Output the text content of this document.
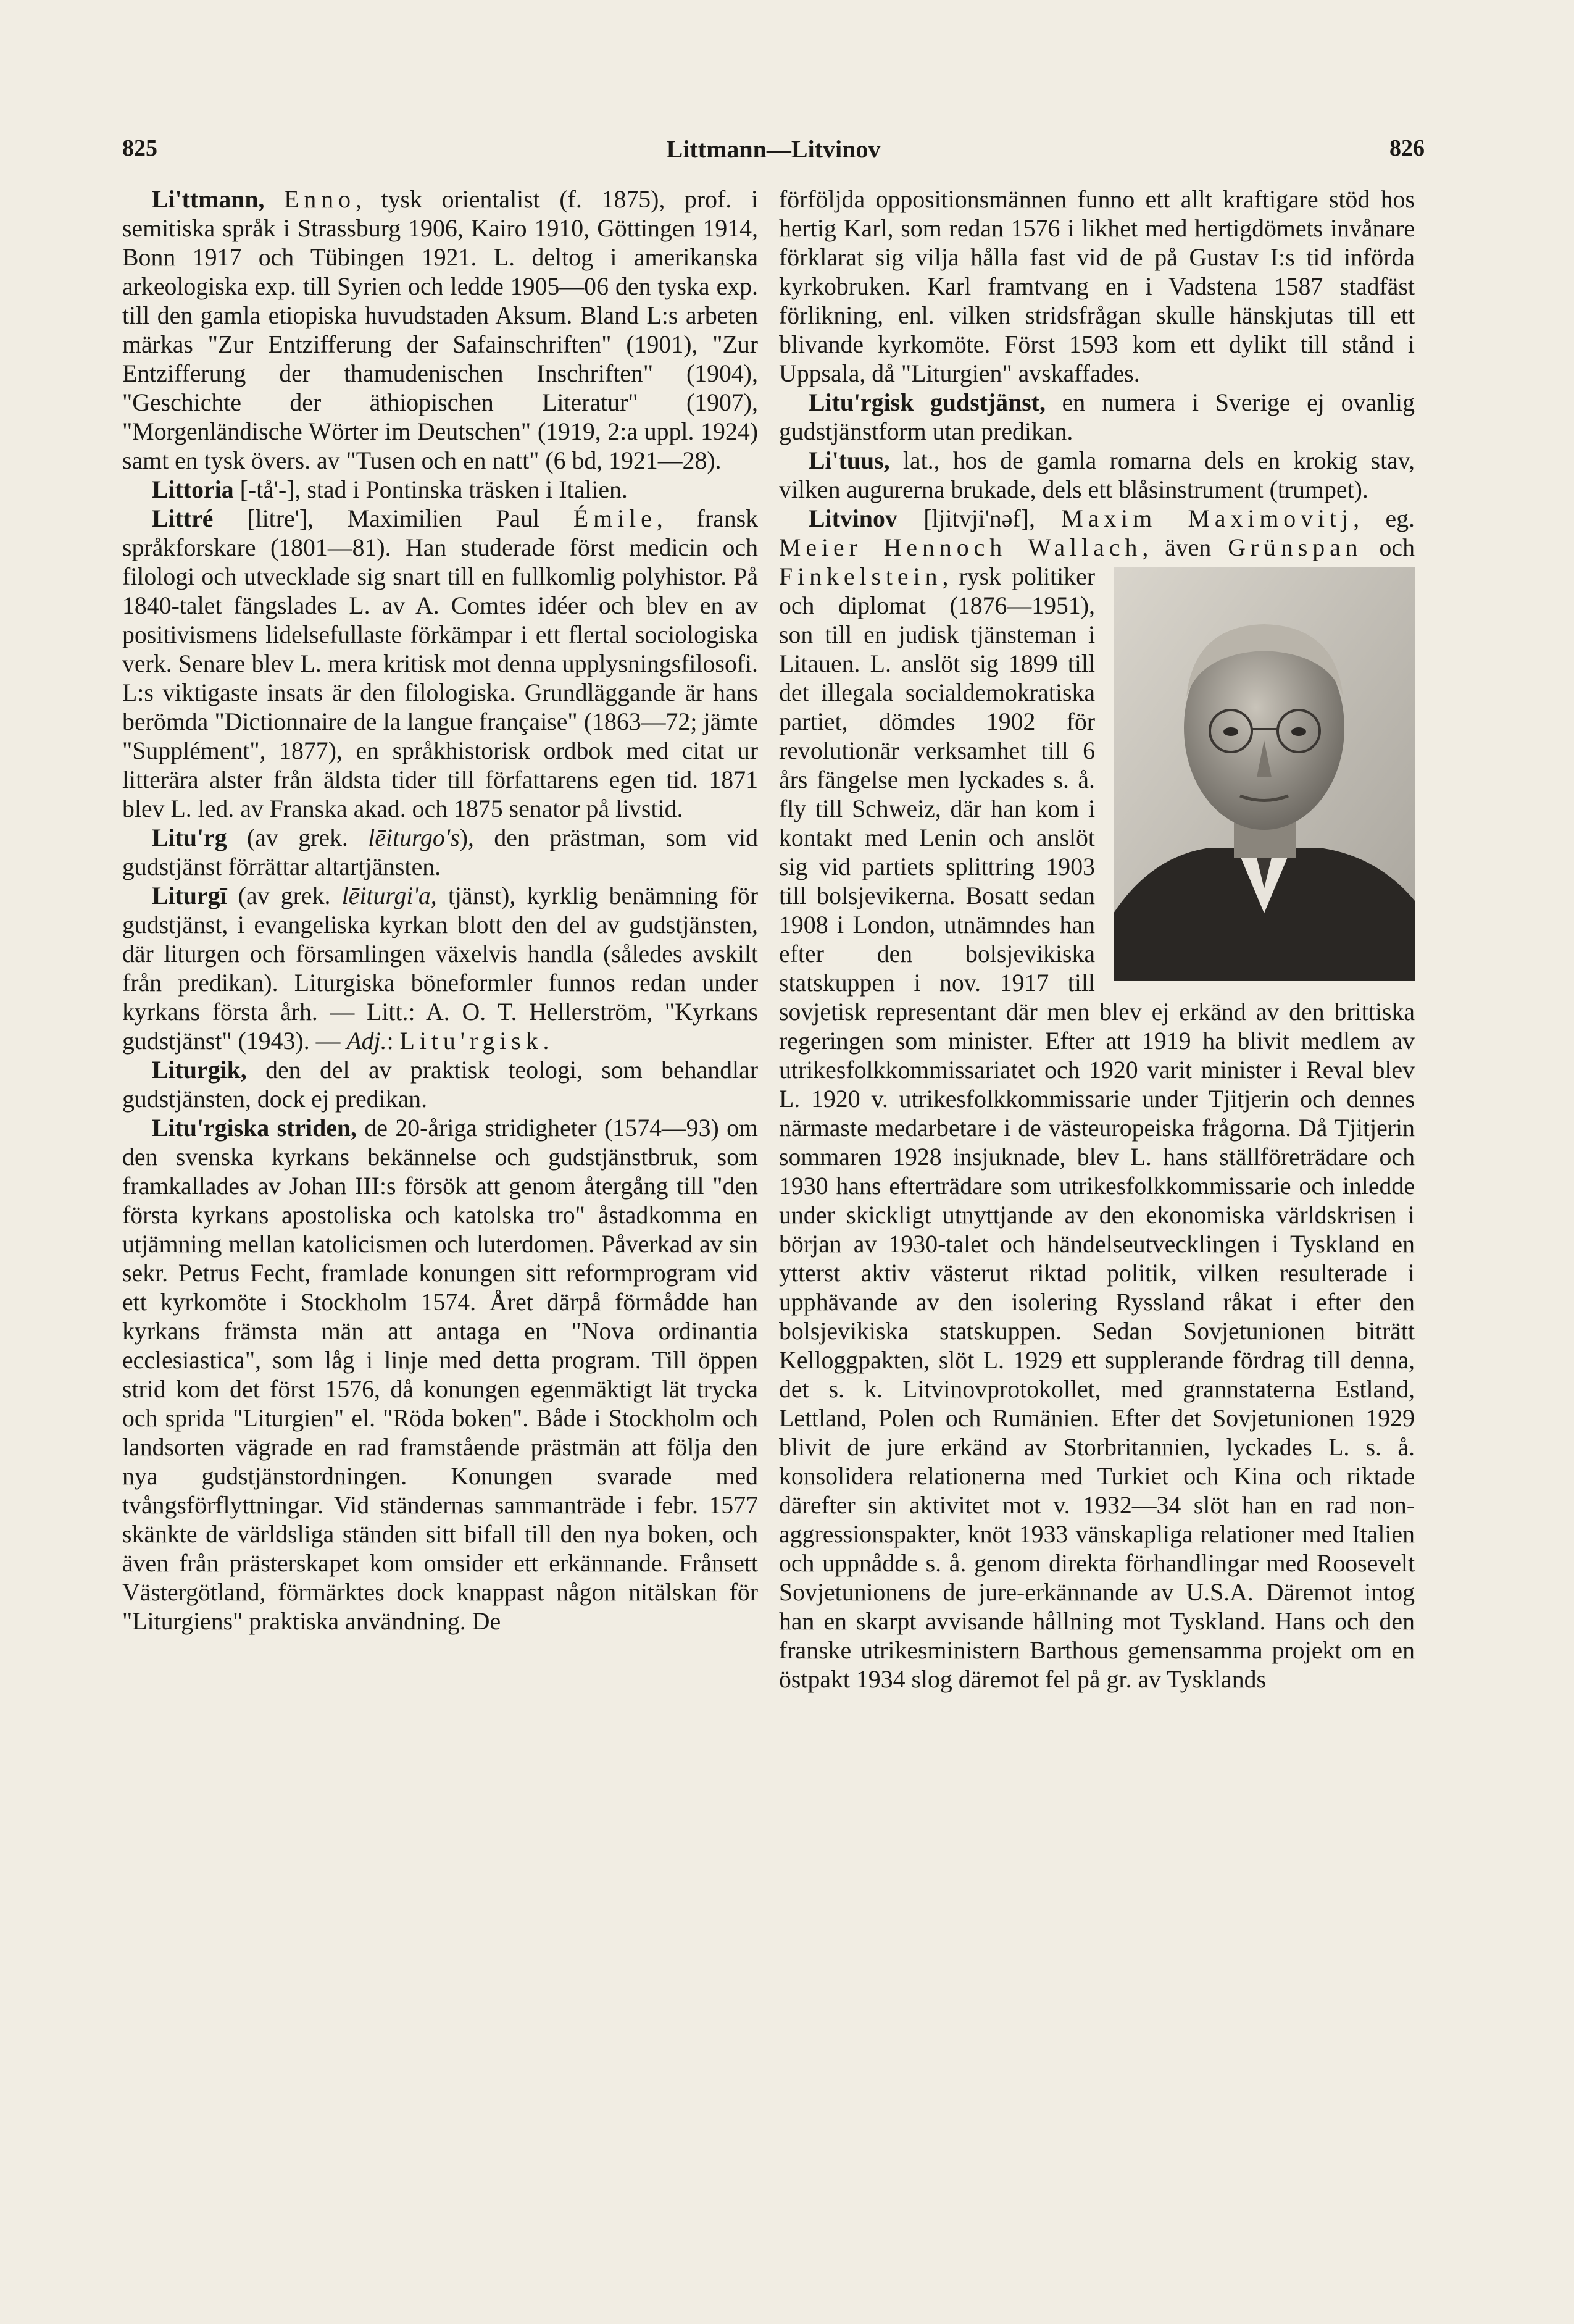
825	Littmann—Litvinov	826

Li'ttmann, Enno, tysk orientalist (f. 1875), prof. i semitiska språk i Strassburg 1906, Kairo 1910, Göttingen 1914, Bonn 1917 och Tübingen 1921. L. deltog i amerikanska arkeologiska exp. till Syrien och ledde 1905—06 den tyska exp. till den gamla etiopiska huvudstaden Aksum. Bland L:s arbeten märkas "Zur Entzifferung der Safainschriften" (1901), "Zur Entzifferung der thamudenischen Inschriften" (1904), "Geschichte der äthiopischen Literatur" (1907), "Morgenländische Wörter im Deutschen" (1919, 2:a uppl. 1924) samt en tysk övers. av "Tusen och en natt" (6 bd, 1921—28).

Littoria [-tå'-], stad i Pontinska träsken i Italien.

Littré [litre'], Maximilien Paul Émile, fransk språkforskare (1801—81). Han studerade först medicin och filologi och utvecklade sig snart till en fullkomlig polyhistor. På 1840-talet fängslades L. av A. Comtes idéer och blev en av positivismens lidelsefullaste förkämpar i ett flertal sociologiska verk. Senare blev L. mera kritisk mot denna upplysningsfilosofi. L:s viktigaste insats är den filologiska. Grundläggande är hans berömda "Dictionnaire de la langue française" (1863—72; jämte "Supplément", 1877), en språkhistorisk ordbok med citat ur litterära alster från äldsta tider till författarens egen tid. 1871 blev L. led. av Franska akad. och 1875 senator på livstid.

Litu'rg (av grek. lēiturgo's), den prästman, som vid gudstjänst förrättar altartjänsten.

Liturgī (av grek. lēiturgi'a, tjänst), kyrklig benämning för gudstjänst, i evangeliska kyrkan blott den del av gudstjänsten, där liturgen och församlingen växelvis handla (således avskilt från predikan). Liturgiska böneformler funnos redan under kyrkans första årh. — Litt.: A. O. T. Hellerström, "Kyrkans gudstjänst" (1943). — Adj.: Litu'rgisk.

Liturgik, den del av praktisk teologi, som behandlar gudstjänsten, dock ej predikan.

Litu'rgiska striden, de 20-åriga stridigheter (1574—93) om den svenska kyrkans bekännelse och gudstjänstbruk, som framkallades av Johan III:s försök att genom återgång till "den första kyrkans apostoliska och katolska tro" åstadkomma en utjämning mellan katolicismen och luterdomen. Påverkad av sin sekr. Petrus Fecht, framlade konungen sitt reformprogram vid ett kyrkomöte i Stockholm 1574. Året därpå förmådde han kyrkans främsta män att antaga en "Nova ordinantia ecclesiastica", som låg i linje med detta program. Till öppen strid kom det först 1576, då konungen egenmäktigt lät trycka och sprida "Liturgien" el. "Röda boken". Både i Stockholm och landsorten vägrade en rad framstående prästmän att följa den nya gudstjänstordningen. Konungen svarade med tvångsförflyttningar. Vid ständernas sammanträde i febr. 1577 skänkte de världsliga ständen sitt bifall till den nya boken, och även från prästerskapet kom omsider ett erkännande. Frånsett Västergötland, förmärktes dock knappast någon nitälskan för "Liturgiens" praktiska användning. De

förföljda oppositionsmännen funno ett allt kraftigare stöd hos hertig Karl, som redan 1576 i likhet med hertigdömets invånare förklarat sig vilja hålla fast vid de på Gustav I:s tid införda kyrkobruken. Karl framtvang en i Vadstena 1587 stadfäst förlikning, enl. vilken stridsfrågan skulle hänskjutas till ett blivande kyrkomöte. Först 1593 kom ett dylikt till stånd i Uppsala, då "Liturgien" avskaffades.

Litu'rgisk gudstjänst, en numera i Sverige ej ovanlig gudstjänstform utan predikan.

Li'tuus, lat., hos de gamla romarna dels en krokig stav, vilken augurerna brukade, dels ett blåsinstrument (trumpet).

Litvinov [ljitvji'nəf], Maxim Maximovitj, eg. Meier Hennoch Wallach, även Grünspan och Finkelstein
, rysk politiker och diplomat (1876—1951), son till en judisk tjänsteman i Litauen. L. anslöt sig 1899 till det illegala socialdemokratiska partiet, dömdes 1902 för revolutionär verksamhet till 6 års fängelse men lyckades s. å. fly till Schweiz, där han kom i kontakt med Lenin och anslöt sig vid partiets splittring 1903 till bolsjevikerna. Bosatt sedan 1908 i London, utnämndes han efter den bolsjevikiska statskuppen i nov. 1917 till sovjetisk representant där men blev ej erkänd av den brittiska regeringen som minister. Efter att 1919 ha blivit medlem av utrikesfolkkommissariatet och 1920 varit minister i Reval blev L. 1920 v. utrikesfolkkommissarie under Tjitjerin och dennes närmaste medarbetare i de västeuropeiska frågorna. Då Tjitjerin sommaren 1928 insjuknade, blev L. hans ställföreträdare och 1930 hans efterträdare som utrikesfolkkommissarie och inledde under skickligt utnyttjande av den ekonomiska världskrisen i början av 1930-talet och händelseutvecklingen i Tyskland en ytterst aktiv västerut riktad politik, vilken resulterade i upphävande av den isolering Ryssland råkat i efter den bolsjevikiska statskuppen. Sedan Sovjetunionen biträtt Kelloggpakten, slöt L. 1929 ett supplerande fördrag till denna, det s. k. Litvinovprotokollet, med grannstaterna Estland, Lettland, Polen och Rumänien. Efter det Sovjetunionen 1929 blivit de jure erkänd av Storbritannien, lyckades L. s. å. konsolidera relationerna med Turkiet och Kina och riktade därefter sin aktivitet mot v. 1932—34 slöt han en rad non-aggressionspakter, knöt 1933 vänskapliga relationer med Italien och uppnådde s. å. genom direkta förhandlingar med Roosevelt Sovjetunionens de jure-erkännande av U.S.A. Däremot intog han en skarpt avvisande hållning mot Tyskland. Hans och den franske utrikesministern Barthous gemensamma projekt om en östpakt 1934 slog däremot fel på gr. av Tysklands
